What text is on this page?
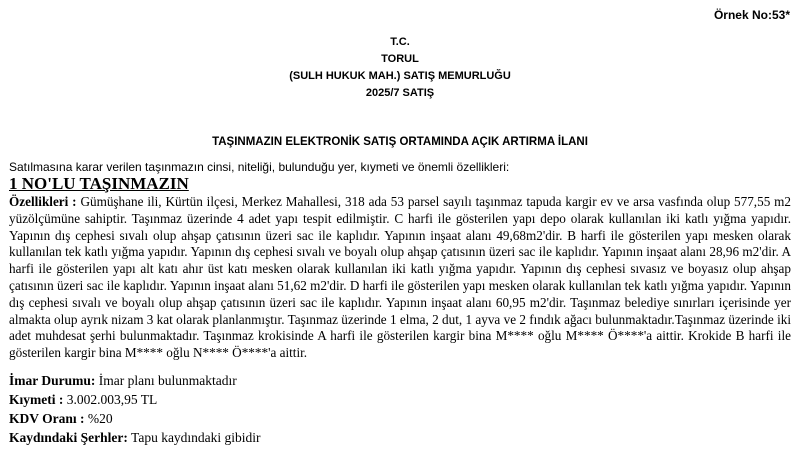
Örnek No:53*
T.C.
TORUL
(SULH HUKUK MAH.) SATIŞ MEMURLUĞU
2025/7 SATIŞ
TAŞINMAZIN ELEKTRONİK SATIŞ ORTAMINDA AÇIK ARTIRMA İLANI
Satılmasına karar verilen taşınmazın cinsi, niteliği, bulunduğu yer, kıymeti ve önemli özellikleri:
1 NO'LU TAŞINMAZIN

Özellikleri : Gümüşhane ili, Kürtün ilçesi, Merkez Mahallesi, 318 ada 53 parsel sayılı taşınmaz tapuda kargir ev ve arsa vasfında olup 577,55 m2 yüzölçümüne sahiptir. Taşınmaz üzerinde 4 adet yapı tespit edilmiştir. C harfi ile gösterilen yapı depo olarak kullanılan iki katlı yığma yapıdır. Yapının dış cephesi sıvalı olup ahşap çatısının üzeri sac ile kaplıdır. Yapının inşaat alanı 49,68m2'dir. B harfi ile gösterilen yapı mesken olarak kullanılan tek katlı yığma yapıdır. Yapının dış cephesi sıvalı ve boyalı olup ahşap çatısının üzeri sac ile kaplıdır. Yapının inşaat alanı 28,96 m2'dir. A harfi ile gösterilen yapı alt katı ahır üst katı mesken olarak kullanılan iki katlı yığma yapıdır. Yapının dış cephesi sıvasız ve boyasız olup ahşap çatısının üzeri sac ile kaplıdır. Yapının inşaat alanı 51,62 m2'dir. D harfi ile gösterilen yapı mesken olarak kullanılan tek katlı yığma yapıdır. Yapının dış cephesi sıvalı ve boyalı olup ahşap çatısının üzeri sac ile kaplıdır. Yapının inşaat alanı 60,95 m2'dir. Taşınmaz belediye sınırları içerisinde yer almakta olup ayrık nizam 3 kat olarak planlanmıştır. Taşınmaz üzerinde 1 elma, 2 dut, 1 ayva ve 2 fındık ağacı bulunmaktadır.Taşınmaz üzerinde iki adet muhdesat şerhi bulunmaktadır. Taşınmaz krokisinde A harfi ile gösterilen kargir bina M**** oğlu M**** Ö****'a aittir. Krokide B harfi ile gösterilen kargir bina M**** oğlu N**** Ö****'a aittir.

İmar Durumu: İmar planı bulunmaktadır
Kıymeti : 3.002.003,95 TL
KDV Oranı : %20
Kaydındaki Şerhler: Tapu kaydındaki gibidir
